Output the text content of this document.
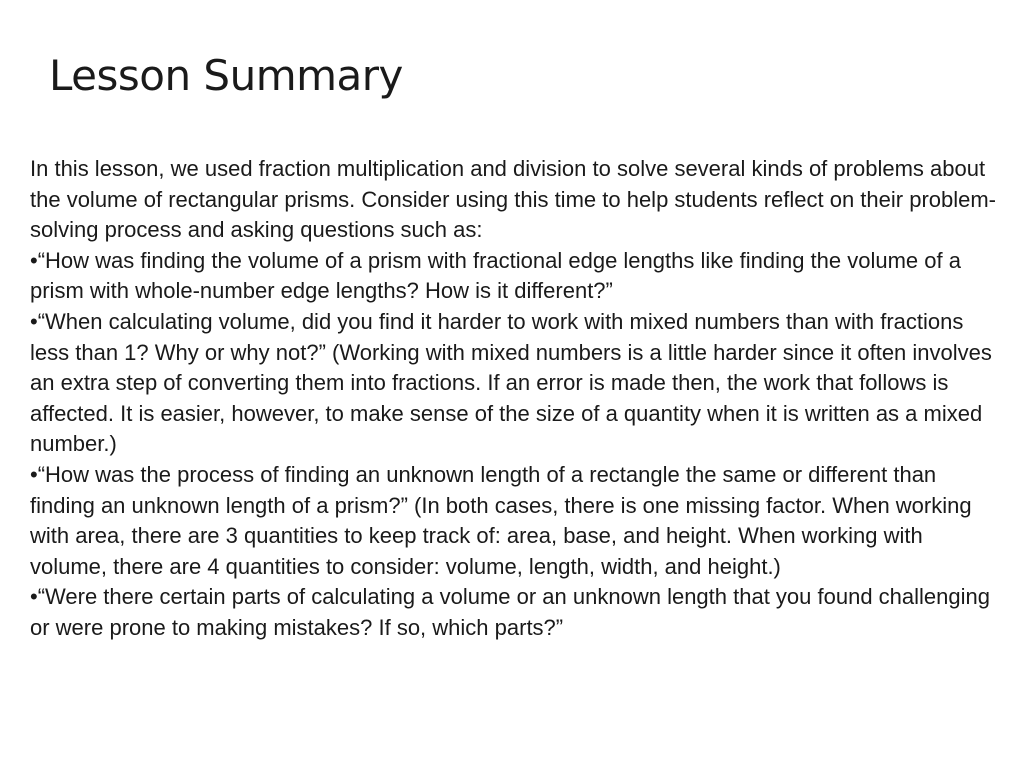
Lesson Summary

In this lesson, we used fraction multiplication and division to solve several kinds of problems about the volume of rectangular prisms. Consider using this time to help students reflect on their problem-solving process and asking questions such as:

•“How was finding the volume of a prism with fractional edge lengths like finding the volume of a prism with whole-number edge lengths? How is it different?”

•“When calculating volume, did you find it harder to work with mixed numbers than with fractions less than 1? Why or why not?” (Working with mixed numbers is a little harder since it often involves an extra step of converting them into fractions. If an error is made then, the work that follows is affected. It is easier, however, to make sense of the size of a quantity when it is written as a mixed number.)

•“How was the process of finding an unknown length of a rectangle the same or different than finding an unknown length of a prism?” (In both cases, there is one missing factor. When working with area, there are 3 quantities to keep track of: area, base, and height. When working with volume, there are 4 quantities to consider: volume, length, width, and height.)

•“Were there certain parts of calculating a volume or an unknown length that you found challenging or were prone to making mistakes? If so, which parts?”
